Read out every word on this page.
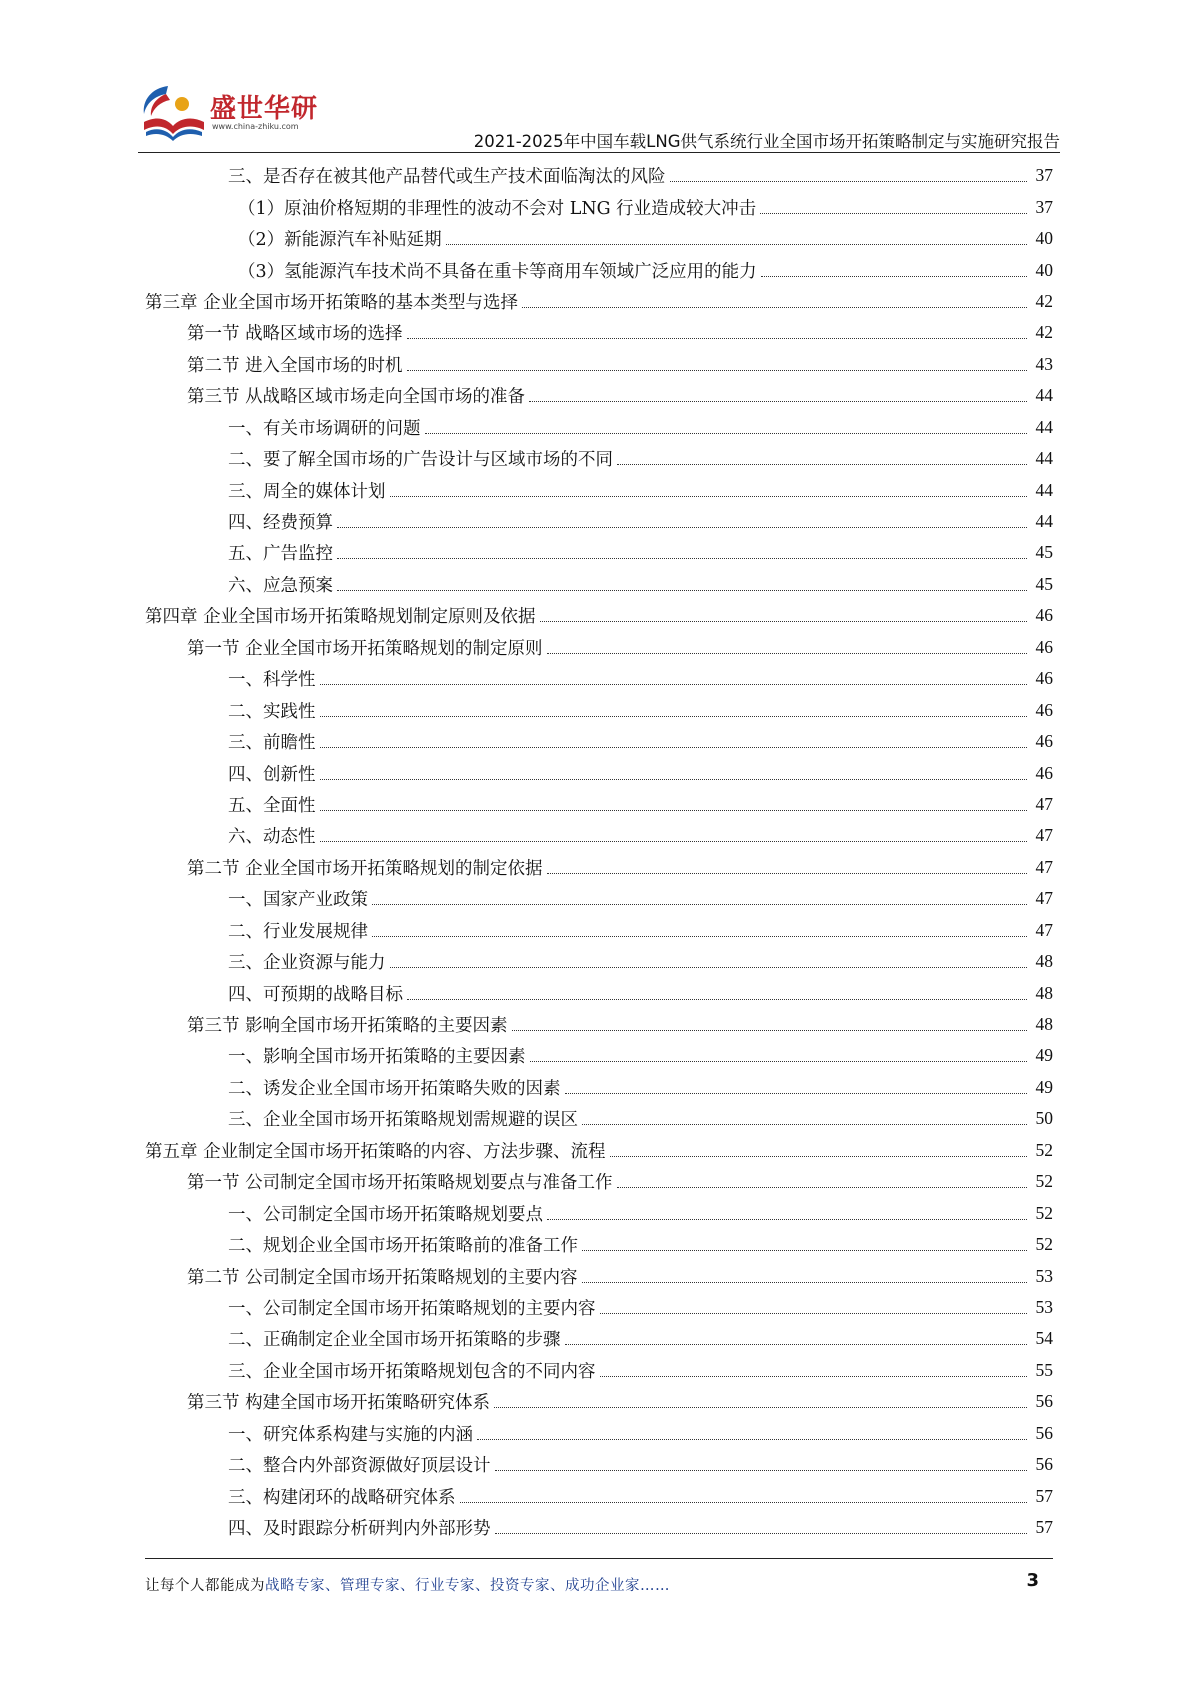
盛世华研
www.china-zhiku.com
2021-2025年中国车载LNG供气系统行业全国市场开拓策略制定与实施研究报告
三、是否存在被其他产品替代或生产技术面临淘汰的风险	37
（1）原油价格短期的非理性的波动不会对 LNG 行业造成较大冲击	37
（2）新能源汽车补贴延期	40
（3）氢能源汽车技术尚不具备在重卡等商用车领域广泛应用的能力	40
第三章 企业全国市场开拓策略的基本类型与选择	42
第一节 战略区域市场的选择	42
第二节 进入全国市场的时机	43
第三节 从战略区域市场走向全国市场的准备	44
一、有关市场调研的问题	44
二、要了解全国市场的广告设计与区域市场的不同	44
三、周全的媒体计划	44
四、经费预算	44
五、广告监控	45
六、应急预案	45
第四章 企业全国市场开拓策略规划制定原则及依据	46
第一节 企业全国市场开拓策略规划的制定原则	46
一、科学性	46
二、实践性	46
三、前瞻性	46
四、创新性	46
五、全面性	47
六、动态性	47
第二节 企业全国市场开拓策略规划的制定依据	47
一、国家产业政策	47
二、行业发展规律	47
三、企业资源与能力	48
四、可预期的战略目标	48
第三节 影响全国市场开拓策略的主要因素	48
一、影响全国市场开拓策略的主要因素	49
二、诱发企业全国市场开拓策略失败的因素	49
三、企业全国市场开拓策略规划需规避的误区	50
第五章 企业制定全国市场开拓策略的内容、方法步骤、流程	52
第一节 公司制定全国市场开拓策略规划要点与准备工作	52
一、公司制定全国市场开拓策略规划要点	52
二、规划企业全国市场开拓策略前的准备工作	52
第二节 公司制定全国市场开拓策略规划的主要内容	53
一、公司制定全国市场开拓策略规划的主要内容	53
二、正确制定企业全国市场开拓策略的步骤	54
三、企业全国市场开拓策略规划包含的不同内容	55
第三节 构建全国市场开拓策略研究体系	56
一、研究体系构建与实施的内涵	56
二、整合内外部资源做好顶层设计	56
三、构建闭环的战略研究体系	57
四、及时跟踪分析研判内外部形势	57
让每个人都能成为战略专家、管理专家、行业专家、投资专家、成功企业家……	3
